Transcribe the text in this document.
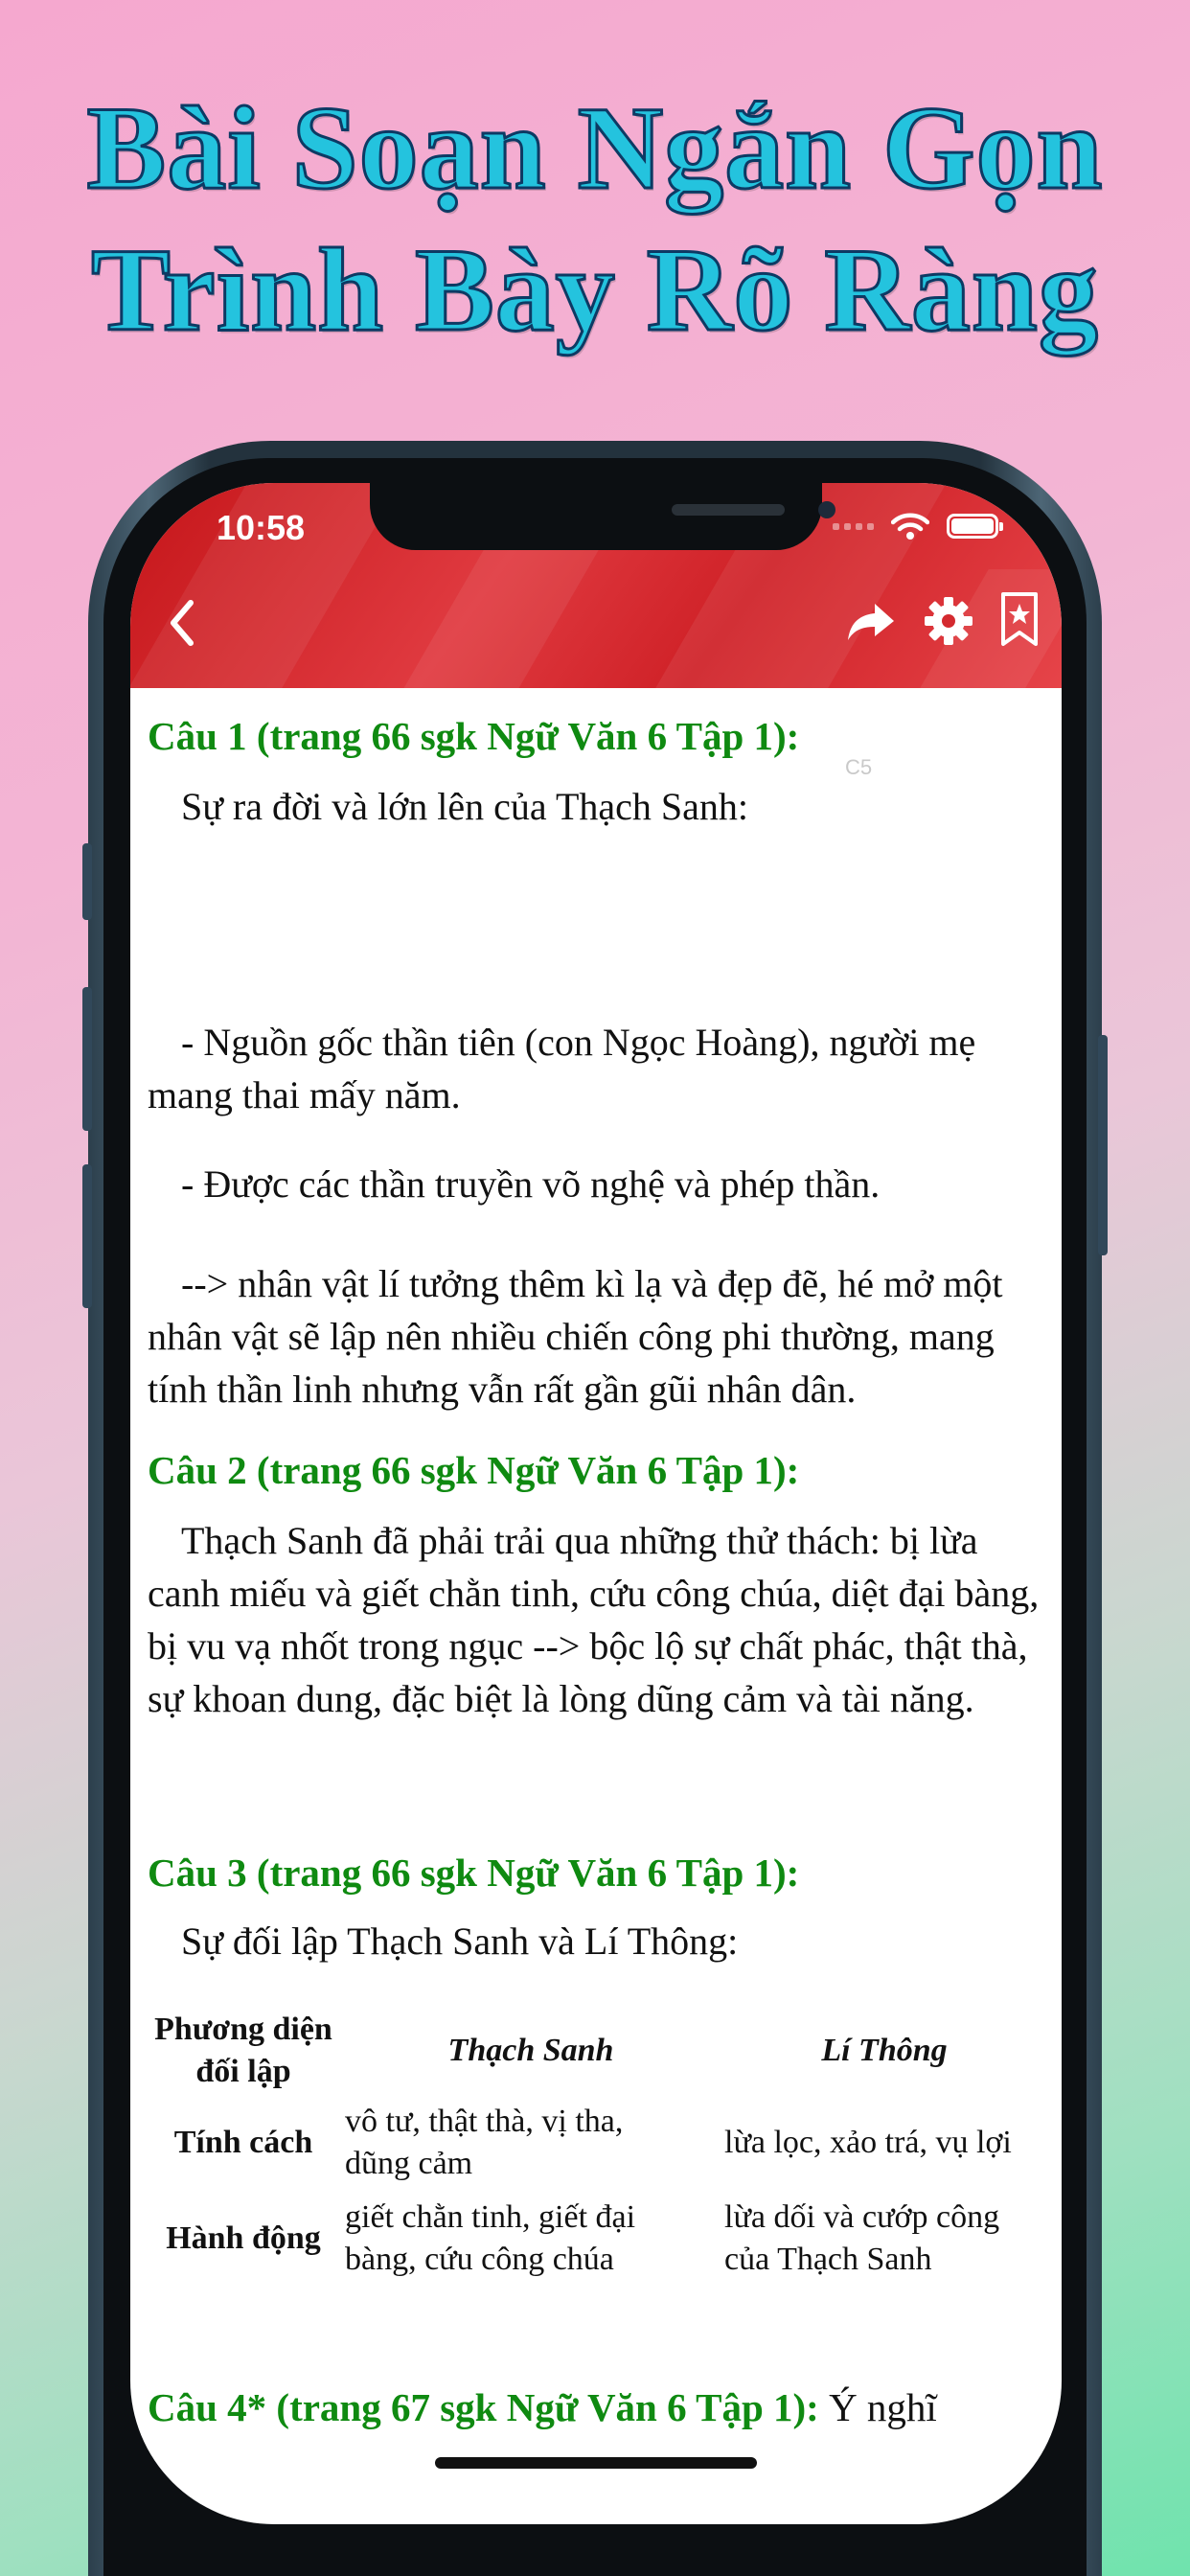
Bài Soạn Ngắn Gọn
Trình Bày Rõ Ràng
10:58
Câu 1 (trang 66 sgk Ngữ Văn 6 Tập 1):
C5
Sự ra đời và lớn lên của Thạch Sanh:
- Nguồn gốc thần tiên (con Ngọc Hoàng), người mẹ mang thai mấy năm.
- Được các thần truyền võ nghệ và phép thần.
--> nhân vật lí tưởng thêm kì lạ và đẹp đẽ, hé mở một nhân vật sẽ lập nên nhiều chiến công phi thường, mang tính thần linh nhưng vẫn rất gần gũi nhân dân.
Câu 2 (trang 66 sgk Ngữ Văn 6 Tập 1):
Thạch Sanh đã phải trải qua những thử thách: bị lừa canh miếu và giết chằn tinh, cứu công chúa, diệt đại bàng, bị vu vạ nhốt trong ngục --> bộc lộ sự chất phác, thật thà, sự khoan dung, đặc biệt là lòng dũng cảm và tài năng.
Câu 3 (trang 66 sgk Ngữ Văn 6 Tập 1):
Sự đối lập Thạch Sanh và Lí Thông:
Phương diện đối lập
Thạch Sanh	Lí Thông
Tính cách
vô tư, thật thà, vị tha, dũng cảm
lừa lọc, xảo trá, vụ lợi
Hành động
giết chằn tinh, giết đại bàng, cứu công chúa
lừa dối và cướp công của Thạch Sanh
Câu 4* (trang 67 sgk Ngữ Văn 6 Tập 1): Ý nghĩ
